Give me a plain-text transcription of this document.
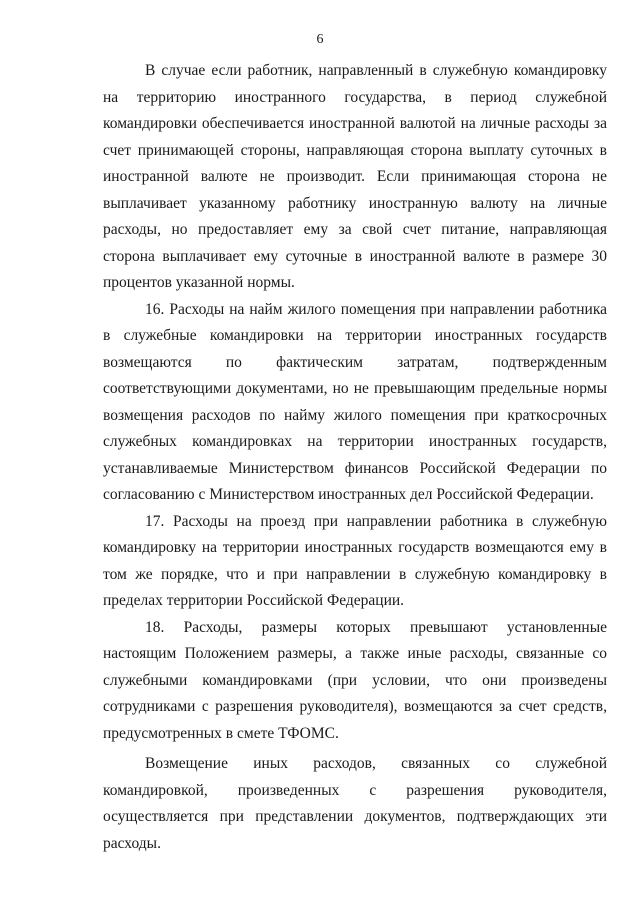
6

В случае если работник, направленный в служебную командировку на территорию иностранного государства, в период служебной командировки обеспечивается иностранной валютой на личные расходы за счет принимающей стороны, направляющая сторона выплату суточных в иностранной валюте не производит. Если принимающая сторона не выплачивает указанному работнику иностранную валюту на личные расходы, но предоставляет ему за свой счет питание, направляющая сторона выплачивает ему суточные в иностранной валюте в размере 30 процентов указанной нормы.

16. Расходы на найм жилого помещения при направлении работника в служебные командировки на территории иностранных государств возмещаются по фактическим затратам, подтвержденным соответствующими документами, но не превышающим предельные нормы возмещения расходов по найму жилого помещения при краткосрочных служебных командировках на территории иностранных государств, устанавливаемые Министерством финансов Российской Федерации по согласованию с Министерством иностранных дел Российской Федерации.

17. Расходы на проезд при направлении работника в служебную командировку на территории иностранных государств возмещаются ему в том же порядке, что и при направлении в служебную командировку в пределах территории Российской Федерации.

18. Расходы, размеры которых превышают установленные настоящим Положением размеры, а также иные расходы, связанные со служебными командировками (при условии, что они произведены сотрудниками с разрешения руководителя), возмещаются за счет средств, предусмотренных в смете ТФОМС.

Возмещение иных расходов, связанных со служебной командировкой, произведенных с разрешения руководителя, осуществляется при представлении документов, подтверждающих эти расходы.
